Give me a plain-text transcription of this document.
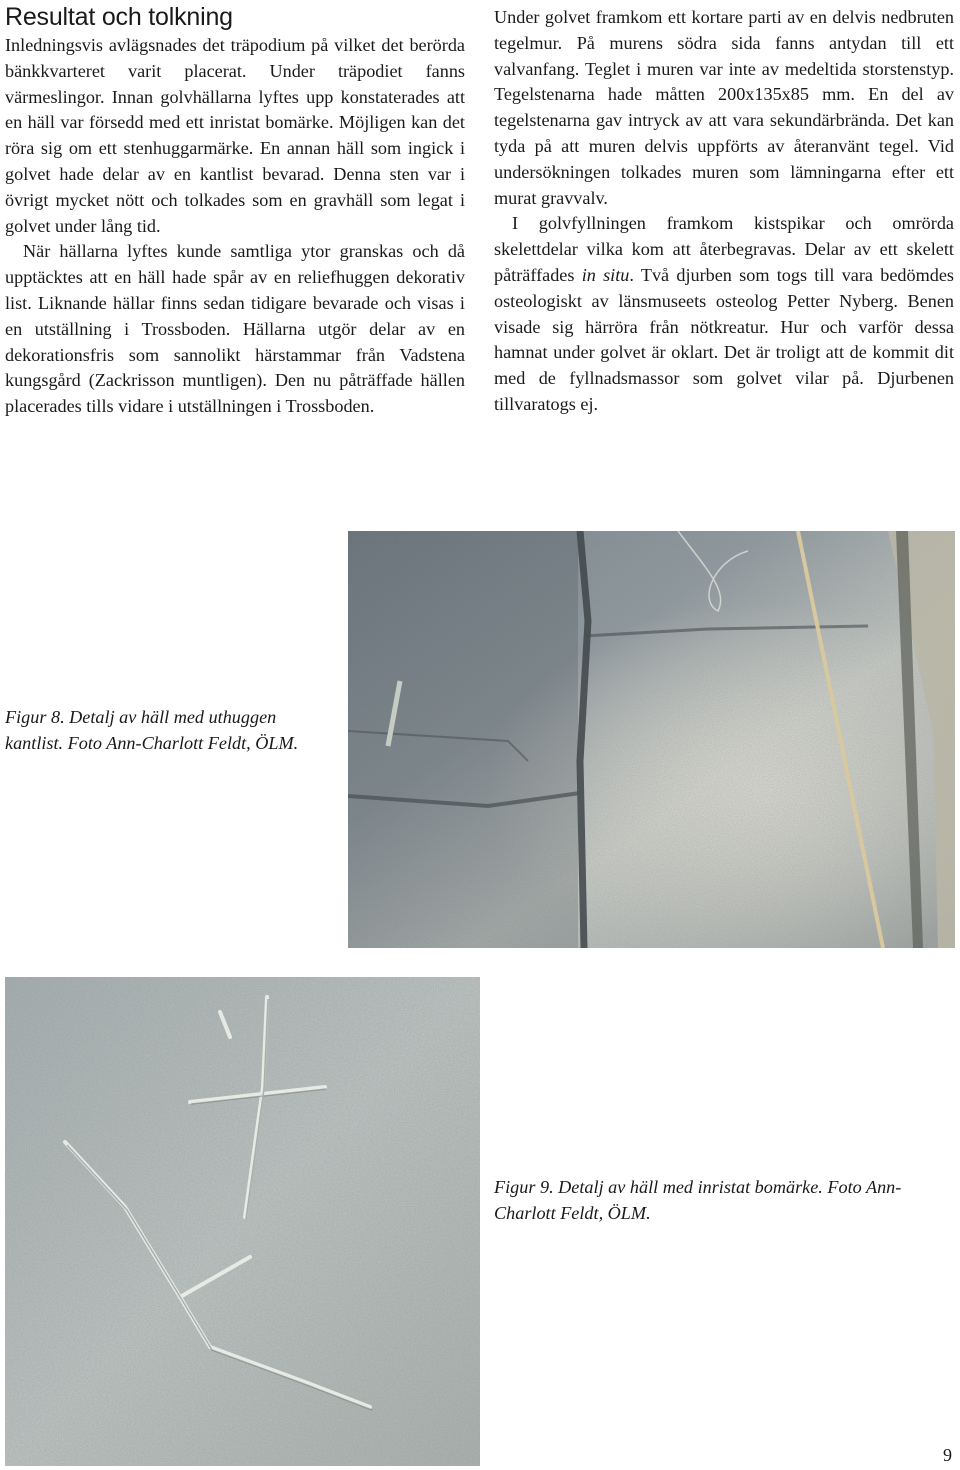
Resultat och tolkning

Inledningsvis avlägsnades det träpodium på vilket det berörda bänkkvarteret varit placerat. Under träpodiet fanns värmeslingor. Innan golvhällarna lyftes upp konstaterades att en häll var försedd med ett inristat bomärke. Möjligen kan det röra sig om ett stenhuggarmärke. En annan häll som ingick i golvet hade delar av en kantlist bevarad. Denna sten var i övrigt mycket nött och tolkades som en gravhäll som legat i golvet under lång tid.

När hällarna lyftes kunde samtliga ytor granskas och då upptäcktes att en häll hade spår av en reliefhuggen dekorativ list. Liknande hällar finns sedan tidigare bevarade och visas i en utställning i Trossboden. Hällarna utgör delar av en dekorationsfris som sannolikt härstammar från Vadstena kungsgård (Zackrisson muntligen). Den nu påträffade hällen placerades tills vidare i utställningen i Trossboden.

Under golvet framkom ett kortare parti av en delvis nedbruten tegelmur. På murens södra sida fanns antydan till ett valvanfang. Teglet i muren var inte av medeltida storstenstyp. Tegelstenarna hade måtten 200x135x85 mm. En del av tegelstenarna gav intryck av att vara sekundärbrända. Det kan tyda på att muren delvis uppförts av återanvänt tegel. Vid undersökningen tolkades muren som lämningarna efter ett murat gravvalv.

I golvfyllningen framkom kistspikar och omrörda skelettdelar vilka kom att återbegravas. Delar av ett skelett påträffades in situ. Två djurben som togs till vara bedömdes osteologiskt av länsmuseets osteolog Petter Nyberg. Benen visade sig härröra från nötkreatur. Hur och varför dessa hamnat under golvet är oklart. Det är troligt att de kommit dit med de fyllnadsmassor som golvet vilar på. Djurbenen tillvaratogs ej.

Figur 8. Detalj av häll med uthuggen kantlist. Foto Ann-Charlott Feldt, ÖLM.
Figur 9. Detalj av häll med inristat bomärke. Foto Ann-Charlott Feldt, ÖLM.
9
